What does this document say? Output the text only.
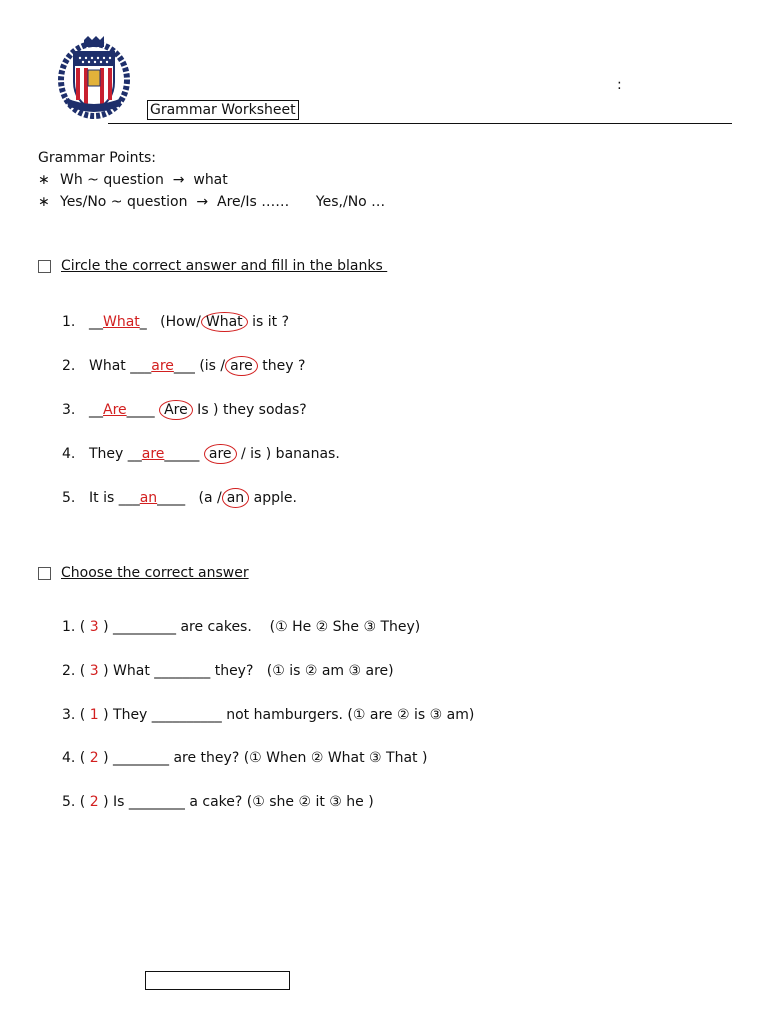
:
Grammar Worksheet
Grammar Points:
∗ Wh ~ question  →  what
∗ Yes/No ~ question  →  Are/Is ……      Yes,/No …
Circle the correct answer and fill in the blanks
1. __What_   (How/ What is it ?
2. What ___are___ (is / are they ?
3. __Are____ Are Is ) they sodas?
4. They __are_____ are / is ) bananas.
5. It is ___an____   (a / an apple.
Choose the correct answer
1. ( 3 ) _________ are cakes.    (① He ② She ③ They)
2. ( 3 ) What ________ they?   (① is ② am ③ are)
3. ( 1 ) They __________ not hamburgers. (① are ② is ③ am)
4. ( 2 ) ________ are they? (① When ② What ③ That )
5. ( 2 ) Is ________ a cake? (① she ② it ③ he )
